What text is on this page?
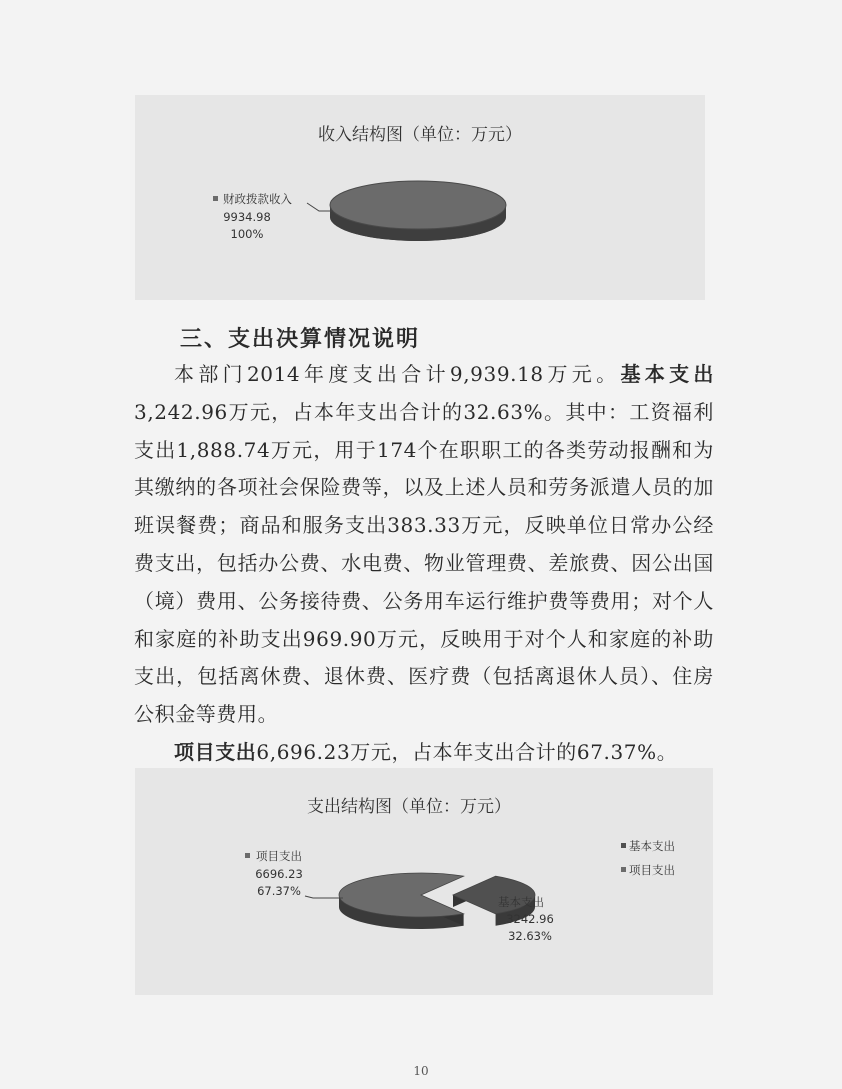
收入结构图（单位：万元）
财政拨款收入
9934.98
100%
三、支出决算情况说明

本部门2014年度支出合计9,939.18万元。基本支出3,242.96万元，占本年支出合计的32.63%。其中：工资福利支出1,888.74万元，用于174个在职职工的各类劳动报酬和为其缴纳的各项社会保险费等，以及上述人员和劳务派遣人员的加班误餐费；商品和服务支出383.33万元，反映单位日常办公经费支出，包括办公费、水电费、物业管理费、差旅费、因公出国（境）费用、公务接待费、公务用车运行维护费等费用；对个人和家庭的补助支出969.90万元，反映用于对个人和家庭的补助支出，包括离休费、退休费、医疗费（包括离退休人员）、住房公积金等费用。

项目支出6,696.23万元，占本年支出合计的67.37%。

支出结构图（单位：万元）
项目支出
6696.23
67.37%
基本支出
3242.96
32.63%
基本支出
项目支出
10
